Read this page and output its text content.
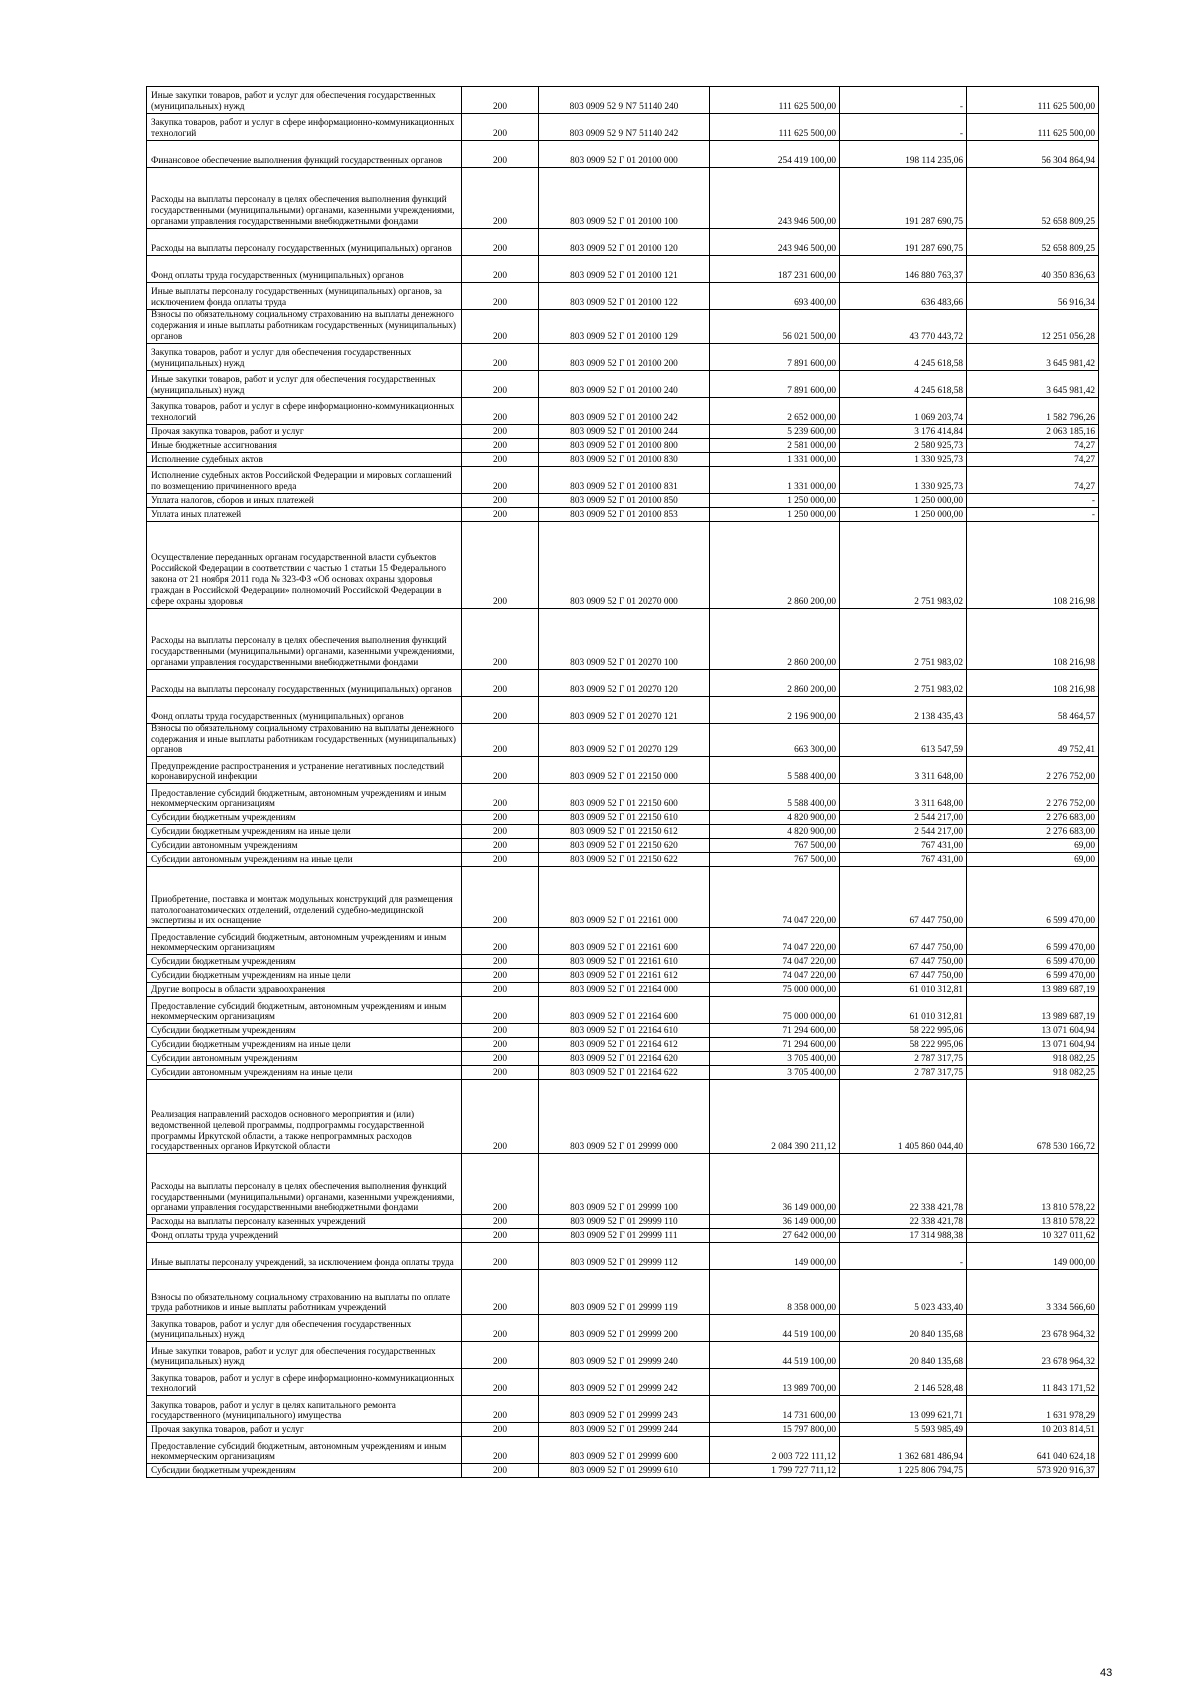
Иные закупки товаров, работ и услуг для обеспечения государственных (муниципальных) нужд	200	803 0909 52 9 N7 51140 240	111 625 500,00	-	111 625 500,00
Закупка товаров, работ и услуг в сфере информационно-коммуникационных технологий	200	803 0909 52 9 N7 51140 242	111 625 500,00	-	111 625 500,00
Финансовое обеспечение выполнения функций государственных органов	200	803 0909 52 Г 01 20100 000	254 419 100,00	198 114 235,06	56 304 864,94
Расходы на выплаты персоналу в целях обеспечения выполнения функций государственными (муниципальными) органами, казенными учреждениями, органами управления государственными внебюджетными фондами	200	803 0909 52 Г 01 20100 100	243 946 500,00	191 287 690,75	52 658 809,25
Расходы на выплаты персоналу государственных (муниципальных) органов	200	803 0909 52 Г 01 20100 120	243 946 500,00	191 287 690,75	52 658 809,25
Фонд оплаты труда государственных (муниципальных) органов	200	803 0909 52 Г 01 20100 121	187 231 600,00	146 880 763,37	40 350 836,63
Иные выплаты персоналу государственных (муниципальных) органов, за исключением фонда оплаты труда	200	803 0909 52 Г 01 20100 122	693 400,00	636 483,66	56 916,34
Взносы по обязательному социальному страхованию на выплаты денежного содержания и иные выплаты работникам государственных (муниципальных) органов	200	803 0909 52 Г 01 20100 129	56 021 500,00	43 770 443,72	12 251 056,28
Закупка товаров, работ и услуг для обеспечения государственных (муниципальных) нужд	200	803 0909 52 Г 01 20100 200	7 891 600,00	4 245 618,58	3 645 981,42
Иные закупки товаров, работ и услуг для обеспечения государственных (муниципальных) нужд	200	803 0909 52 Г 01 20100 240	7 891 600,00	4 245 618,58	3 645 981,42
Закупка товаров, работ и услуг в сфере информационно-коммуникационных технологий	200	803 0909 52 Г 01 20100 242	2 652 000,00	1 069 203,74	1 582 796,26
Прочая закупка товаров, работ и услуг	200	803 0909 52 Г 01 20100 244	5 239 600,00	3 176 414,84	2 063 185,16
Иные бюджетные ассигнования	200	803 0909 52 Г 01 20100 800	2 581 000,00	2 580 925,73	74,27
Исполнение судебных актов	200	803 0909 52 Г 01 20100 830	1 331 000,00	1 330 925,73	74,27
Исполнение судебных актов Российской Федерации и мировых соглашений по возмещению причиненного вреда	200	803 0909 52 Г 01 20100 831	1 331 000,00	1 330 925,73	74,27
Уплата налогов, сборов и иных платежей	200	803 0909 52 Г 01 20100 850	1 250 000,00	1 250 000,00	-
Уплата иных платежей	200	803 0909 52 Г 01 20100 853	1 250 000,00	1 250 000,00	-
Осуществление переданных органам государственной власти субъектов Российской Федерации в соответствии с частью 1 статьи 15 Федерального закона от 21 ноября 2011 года № 323-ФЗ «Об основах охраны здоровья граждан в Российской Федерации» полномочий Российской Федерации в сфере охраны здоровья	200	803 0909 52 Г 01 20270 000	2 860 200,00	2 751 983,02	108 216,98
Расходы на выплаты персоналу в целях обеспечения выполнения функций государственными (муниципальными) органами, казенными учреждениями, органами управления государственными внебюджетными фондами	200	803 0909 52 Г 01 20270 100	2 860 200,00	2 751 983,02	108 216,98
Расходы на выплаты персоналу государственных (муниципальных) органов	200	803 0909 52 Г 01 20270 120	2 860 200,00	2 751 983,02	108 216,98
Фонд оплаты труда государственных (муниципальных) органов	200	803 0909 52 Г 01 20270 121	2 196 900,00	2 138 435,43	58 464,57
Взносы по обязательному социальному страхованию на выплаты денежного содержания и иные выплаты работникам государственных (муниципальных) органов	200	803 0909 52 Г 01 20270 129	663 300,00	613 547,59	49 752,41
Предупреждение распространения и устранение негативных последствий коронавирусной инфекции	200	803 0909 52 Г 01 22150 000	5 588 400,00	3 311 648,00	2 276 752,00
Предоставление субсидий бюджетным, автономным учреждениям и иным некоммерческим организациям	200	803 0909 52 Г 01 22150 600	5 588 400,00	3 311 648,00	2 276 752,00
Субсидии бюджетным учреждениям	200	803 0909 52 Г 01 22150 610	4 820 900,00	2 544 217,00	2 276 683,00
Субсидии бюджетным учреждениям на иные цели	200	803 0909 52 Г 01 22150 612	4 820 900,00	2 544 217,00	2 276 683,00
Субсидии автономным учреждениям	200	803 0909 52 Г 01 22150 620	767 500,00	767 431,00	69,00
Субсидии автономным учреждениям на иные цели	200	803 0909 52 Г 01 22150 622	767 500,00	767 431,00	69,00
Приобретение, поставка и монтаж модульных конструкций для размещения патологоанатомических отделений, отделений судебно-медицинской экспертизы и их оснащение	200	803 0909 52 Г 01 22161 000	74 047 220,00	67 447 750,00	6 599 470,00
Предоставление субсидий бюджетным, автономным учреждениям и иным некоммерческим организациям	200	803 0909 52 Г 01 22161 600	74 047 220,00	67 447 750,00	6 599 470,00
Субсидии бюджетным учреждениям	200	803 0909 52 Г 01 22161 610	74 047 220,00	67 447 750,00	6 599 470,00
Субсидии бюджетным учреждениям на иные цели	200	803 0909 52 Г 01 22161 612	74 047 220,00	67 447 750,00	6 599 470,00
Другие вопросы в области здравоохранения	200	803 0909 52 Г 01 22164 000	75 000 000,00	61 010 312,81	13 989 687,19
Предоставление субсидий бюджетным, автономным учреждениям и иным некоммерческим организациям	200	803 0909 52 Г 01 22164 600	75 000 000,00	61 010 312,81	13 989 687,19
Субсидии бюджетным учреждениям	200	803 0909 52 Г 01 22164 610	71 294 600,00	58 222 995,06	13 071 604,94
Субсидии бюджетным учреждениям на иные цели	200	803 0909 52 Г 01 22164 612	71 294 600,00	58 222 995,06	13 071 604,94
Субсидии автономным учреждениям	200	803 0909 52 Г 01 22164 620	3 705 400,00	2 787 317,75	918 082,25
Субсидии автономным учреждениям на иные цели	200	803 0909 52 Г 01 22164 622	3 705 400,00	2 787 317,75	918 082,25
Реализация направлений расходов основного мероприятия и (или) ведомственной целевой программы, подпрограммы государственной программы Иркутской области, а также непрограммных расходов государственных органов Иркутской области	200	803 0909 52 Г 01 29999 000	2 084 390 211,12	1 405 860 044,40	678 530 166,72
Расходы на выплаты персоналу в целях обеспечения выполнения функций государственными (муниципальными) органами, казенными учреждениями, органами управления государственными внебюджетными фондами	200	803 0909 52 Г 01 29999 100	36 149 000,00	22 338 421,78	13 810 578,22
Расходы на выплаты персоналу казенных учреждений	200	803 0909 52 Г 01 29999 110	36 149 000,00	22 338 421,78	13 810 578,22
Фонд оплаты труда учреждений	200	803 0909 52 Г 01 29999 111	27 642 000,00	17 314 988,38	10 327 011,62
Иные выплаты персоналу учреждений, за исключением фонда оплаты труда	200	803 0909 52 Г 01 29999 112	149 000,00	-	149 000,00
Взносы по обязательному социальному страхованию на выплаты по оплате труда работников и иные выплаты работникам учреждений	200	803 0909 52 Г 01 29999 119	8 358 000,00	5 023 433,40	3 334 566,60
Закупка товаров, работ и услуг для обеспечения государственных (муниципальных) нужд	200	803 0909 52 Г 01 29999 200	44 519 100,00	20 840 135,68	23 678 964,32
Иные закупки товаров, работ и услуг для обеспечения государственных (муниципальных) нужд	200	803 0909 52 Г 01 29999 240	44 519 100,00	20 840 135,68	23 678 964,32
Закупка товаров, работ и услуг в сфере информационно-коммуникационных технологий	200	803 0909 52 Г 01 29999 242	13 989 700,00	2 146 528,48	11 843 171,52
Закупка товаров, работ и услуг в целях капитального ремонта государственного (муниципального) имущества	200	803 0909 52 Г 01 29999 243	14 731 600,00	13 099 621,71	1 631 978,29
Прочая закупка товаров, работ и услуг	200	803 0909 52 Г 01 29999 244	15 797 800,00	5 593 985,49	10 203 814,51
Предоставление субсидий бюджетным, автономным учреждениям и иным некоммерческим организациям	200	803 0909 52 Г 01 29999 600	2 003 722 111,12	1 362 681 486,94	641 040 624,18
Субсидии бюджетным учреждениям	200	803 0909 52 Г 01 29999 610	1 799 727 711,12	1 225 806 794,75	573 920 916,37
43
